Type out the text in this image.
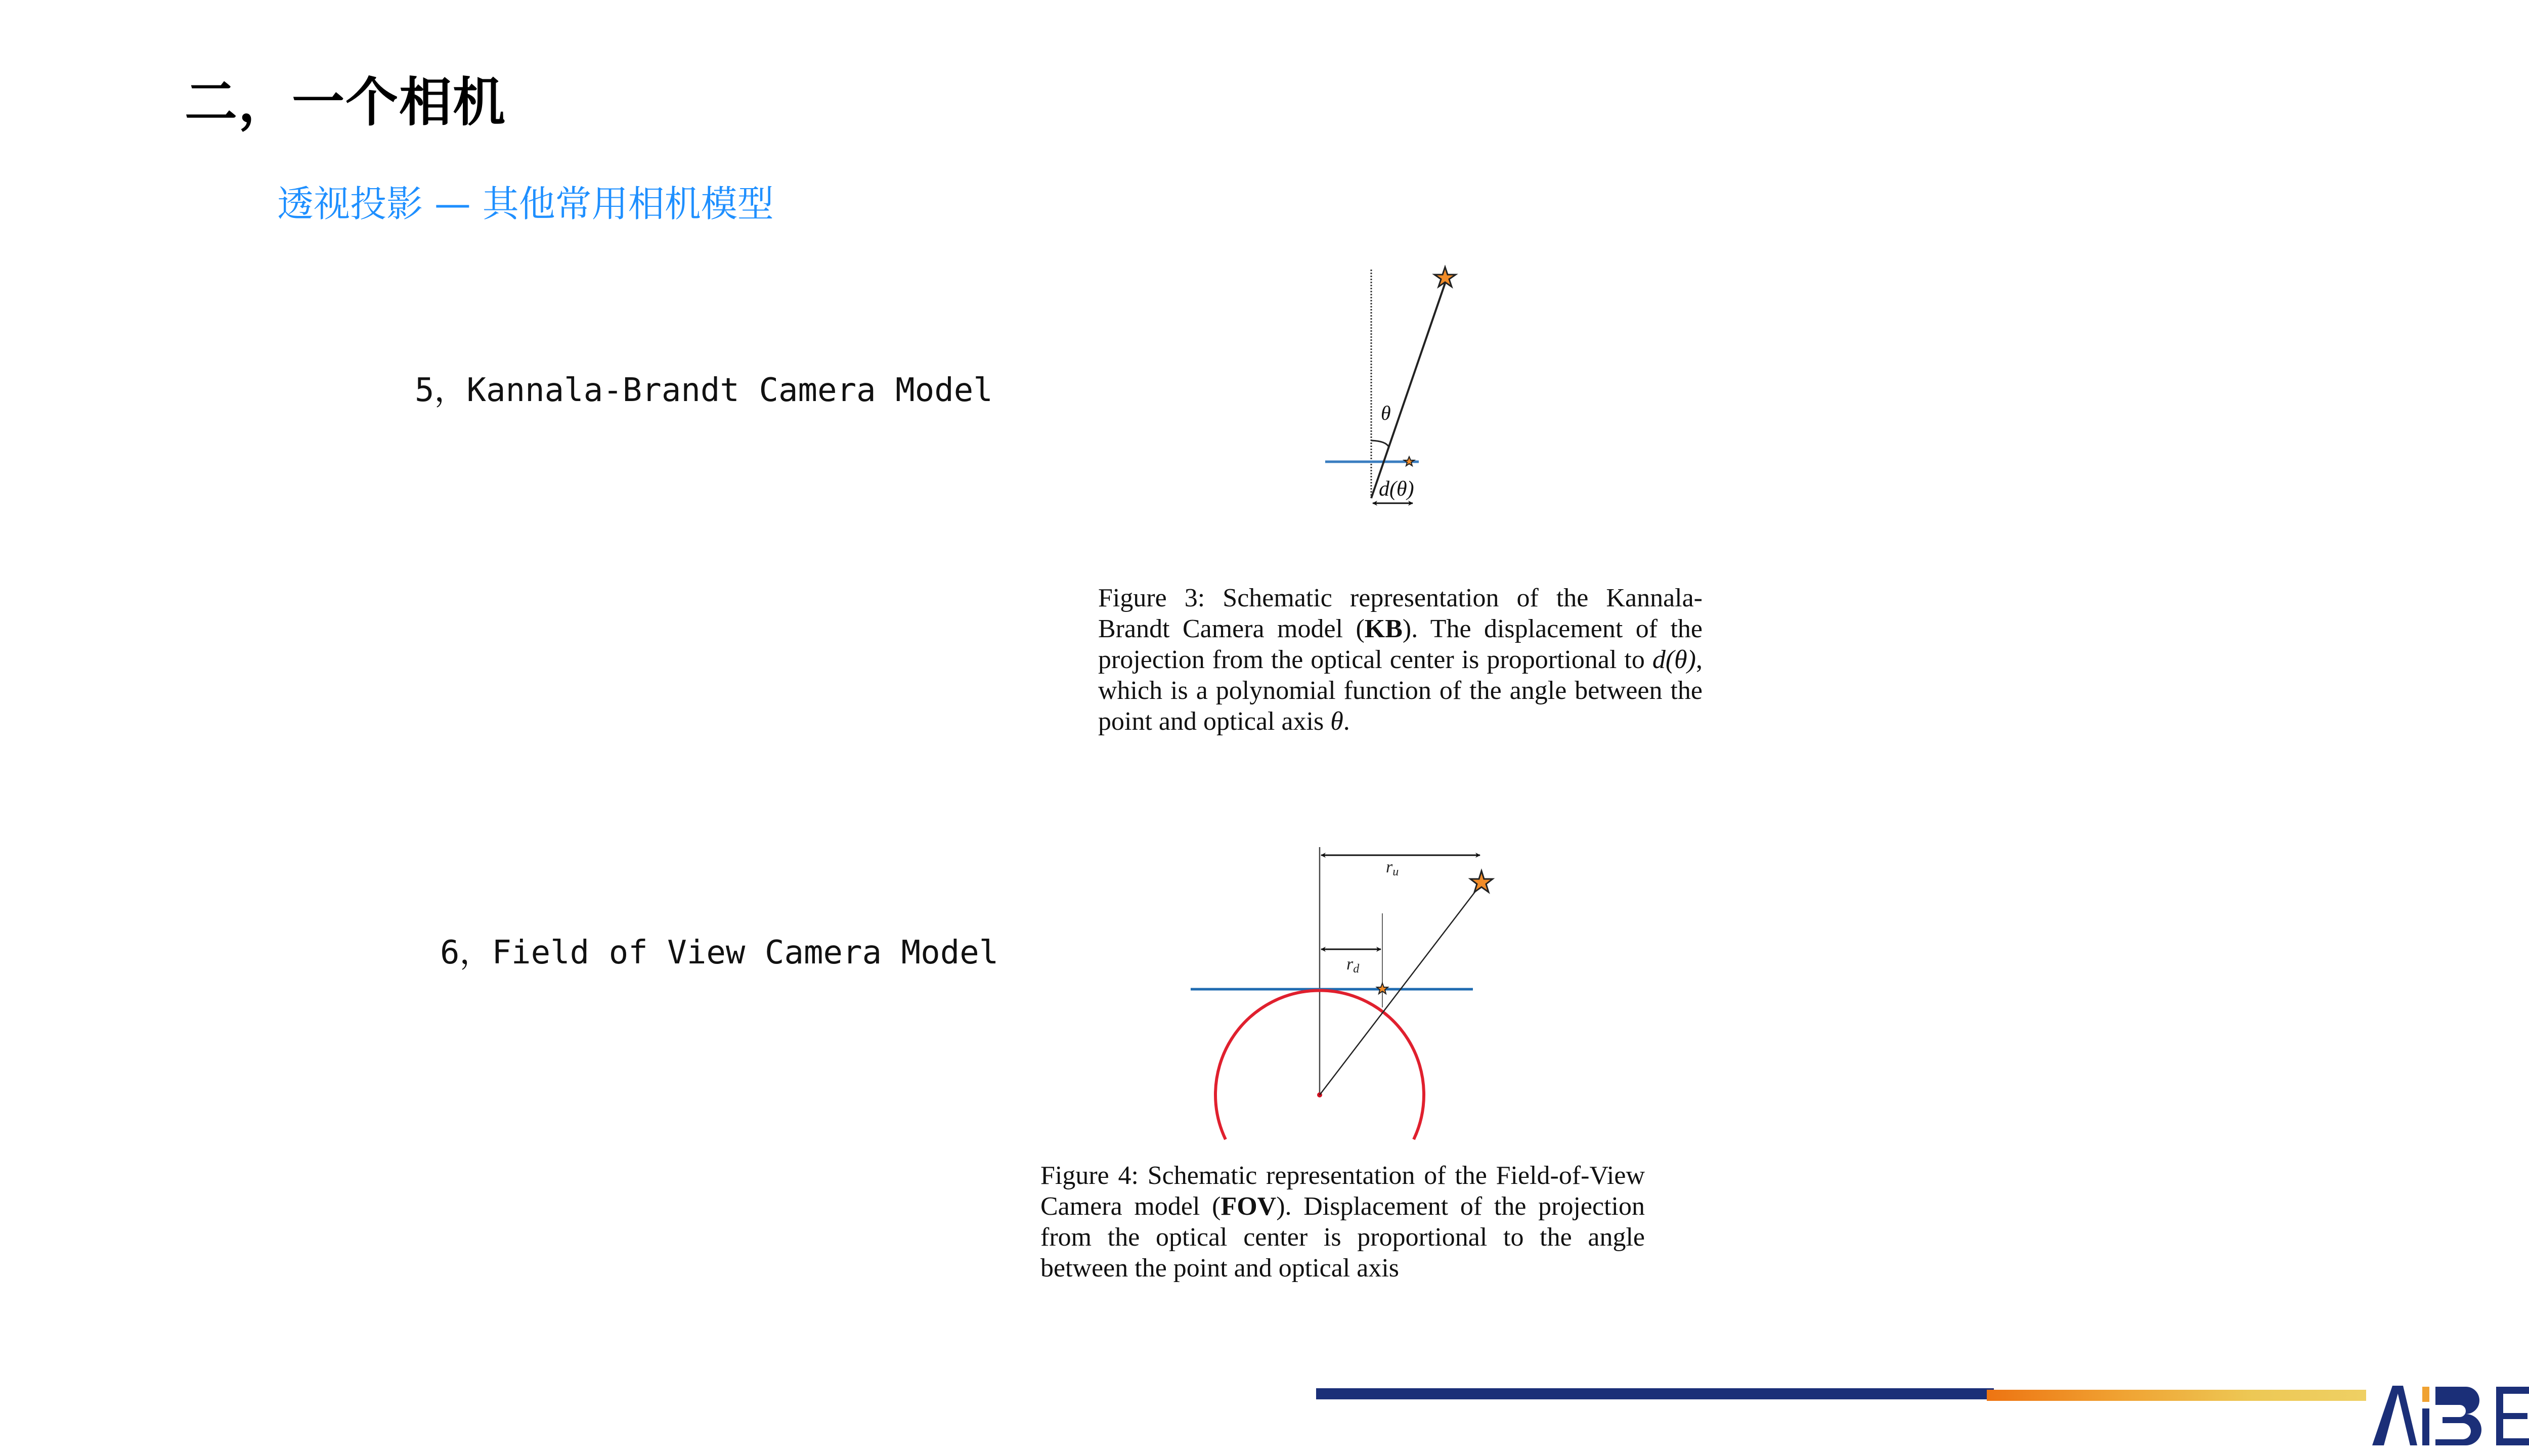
二，一个相机
透视投影 — 其他常用相机模型
5，Kannala-Brandt Camera Model
6，Field of View Camera Model
θ
d(θ)
ru
rd
Figure 3: Schematic representation of the Kannala-Brandt Camera model (KB). The displacement of the projection from the optical center is proportional to d(θ), which is a polynomial function of the angle between the point and optical axis θ.
Figure 4: Schematic representation of the Field-of-View Camera model (FOV). Displacement of the projection from the optical center is proportional to the angle between the point and optical axis
